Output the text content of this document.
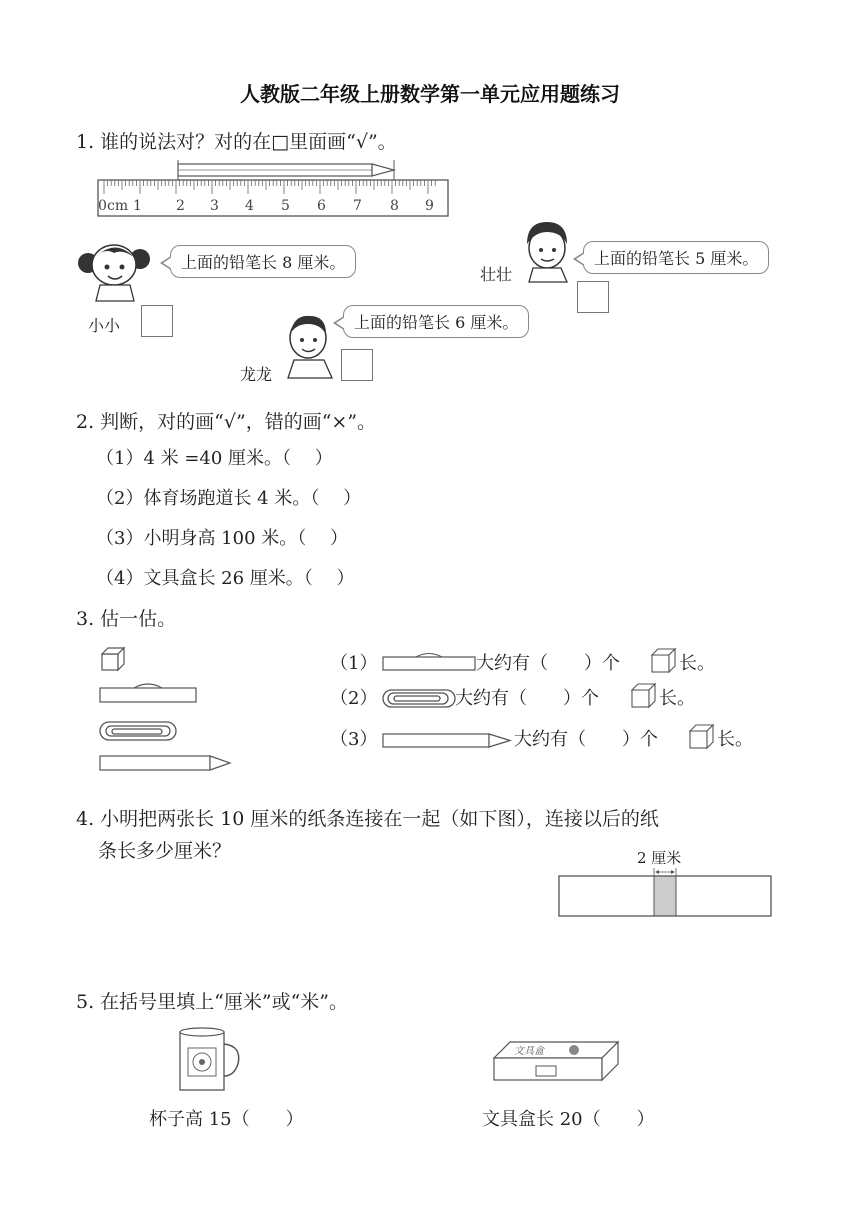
人教版二年级上册数学第一单元应用题练习
1. 谁的说法对？对的在□里面画“√”。
0 cm 1 2 3 4 5 6 7 8 9
上面的铅笔长 8 厘米。
小小	上面的铅笔长 6 厘米。
龙龙
上面的铅笔长 5 厘米。
壮壮
2. 判断，对的画“√”，错的画“×”。
（1）4 米 =40 厘米。（　 ）
（2）体育场跑道长 4 米。（　 ）
（3）小明身高 100 米。（　 ）
（4）文具盒长 26 厘米。（　 ）
3. 估一估。
（1）	大约有（　　）个	长。
（2）	大约有（　　）个	长。
（3）	大约有（　　）个	长。
4. 小明把两张长 10 厘米的纸条连接在一起（如下图），连接以后的纸
条长多少厘米？	2 厘米
5. 在括号里填上“厘米”或“米”。
文具盒
杯子高 15（　　）	文具盒长 20（　　）
